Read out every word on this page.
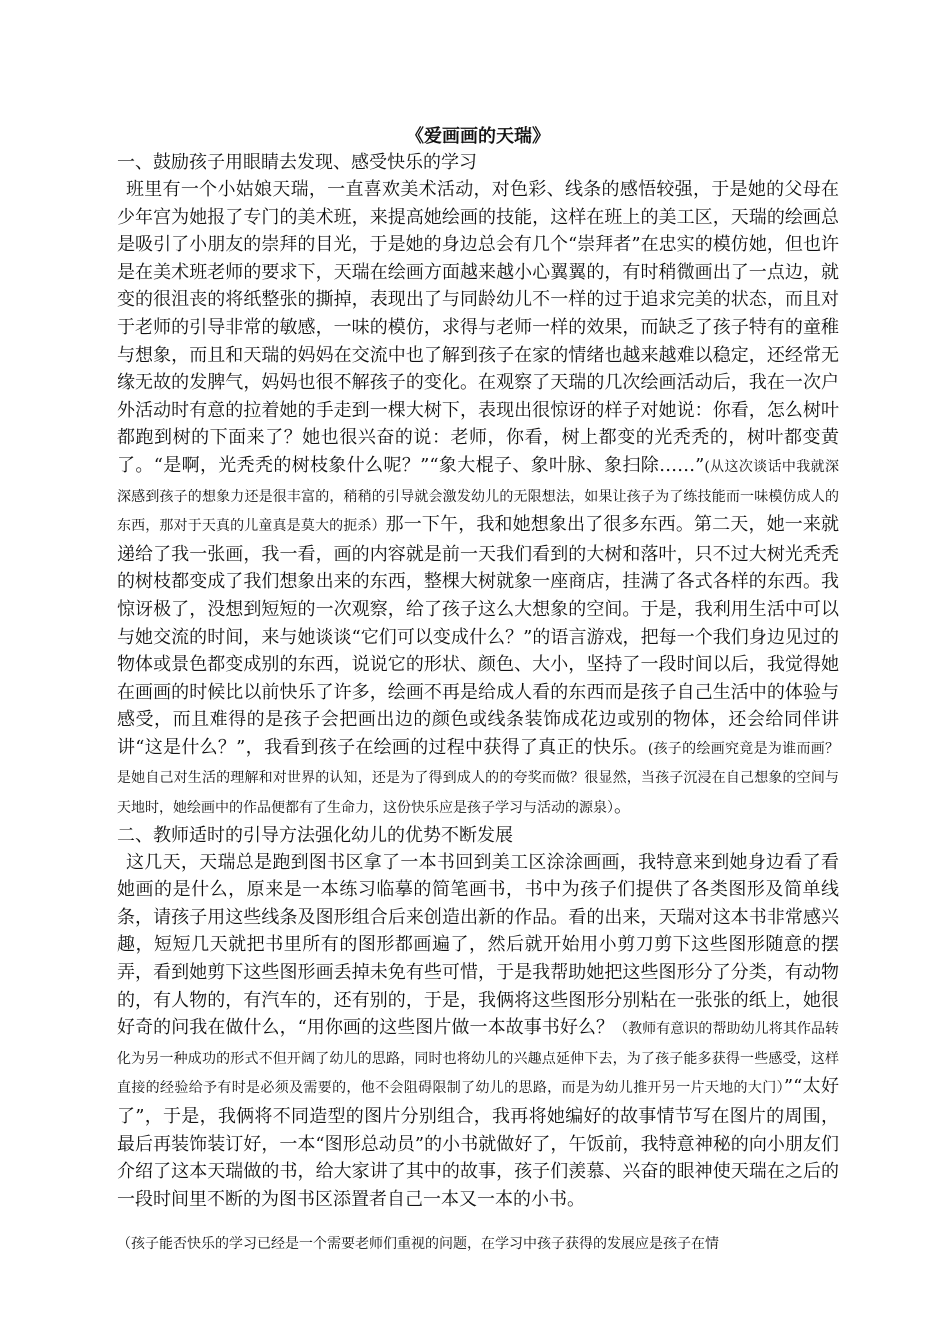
《爱画画的天瑞》

一、鼓励孩子用眼睛去发现、感受快乐的学习

班里有一个小姑娘天瑞，一直喜欢美术活动，对色彩、线条的感悟较强，于是她的父母在少年宫为她报了专门的美术班，来提高她绘画的技能，这样在班上的美工区，天瑞的绘画总是吸引了小朋友的崇拜的目光，于是她的身边总会有几个“崇拜者”在忠实的模仿她，但也许是在美术班老师的要求下，天瑞在绘画方面越来越小心翼翼的，有时稍微画出了一点边，就变的很沮丧的将纸整张的撕掉，表现出了与同龄幼儿不一样的过于追求完美的状态，而且对于老师的引导非常的敏感，一味的模仿，求得与老师一样的效果，而缺乏了孩子特有的童稚与想象，而且和天瑞的妈妈在交流中也了解到孩子在家的情绪也越来越难以稳定，还经常无缘无故的发脾气，妈妈也很不解孩子的变化。在观察了天瑞的几次绘画活动后，我在一次户外活动时有意的拉着她的手走到一棵大树下，表现出很惊讶的样子对她说：你看，怎么树叶都跑到树的下面来了？她也很兴奋的说：老师，你看，树上都变的光秃秃的，树叶都变黄了。“是啊，光秃秃的树枝象什么呢？”“象大棍子、象叶脉、象扫除……”(从这次谈话中我就深深感到孩子的想象力还是很丰富的，稍稍的引导就会激发幼儿的无限想法，如果让孩子为了练技能而一味模仿成人的东西，那对于天真的儿童真是莫大的扼杀）那一下午，我和她想象出了很多东西。第二天，她一来就递给了我一张画，我一看，画的内容就是前一天我们看到的大树和落叶，只不过大树光秃秃的树枝都变成了我们想象出来的东西，整棵大树就象一座商店，挂满了各式各样的东西。我惊讶极了，没想到短短的一次观察，给了孩子这么大想象的空间。于是，我利用生活中可以与她交流的时间，来与她谈谈“它们可以变成什么？”的语言游戏，把每一个我们身边见过的物体或景色都变成别的东西，说说它的形状、颜色、大小，坚持了一段时间以后，我觉得她在画画的时候比以前快乐了许多，绘画不再是给成人看的东西而是孩子自己生活中的体验与感受，而且难得的是孩子会把画出边的颜色或线条装饰成花边或别的物体，还会给同伴讲讲“这是什么？”，我看到孩子在绘画的过程中获得了真正的快乐。(孩子的绘画究竟是为谁而画？是她自己对生活的理解和对世界的认知，还是为了得到成人的的夸奖而做？很显然，当孩子沉浸在自己想象的空间与天地时，她绘画中的作品便都有了生命力，这份快乐应是孩子学习与活动的源泉）。

二、教师适时的引导方法强化幼儿的优势不断发展

这几天，天瑞总是跑到图书区拿了一本书回到美工区涂涂画画，我特意来到她身边看了看她画的是什么，原来是一本练习临摹的简笔画书，书中为孩子们提供了各类图形及简单线条，请孩子用这些线条及图形组合后来创造出新的作品。看的出来，天瑞对这本书非常感兴趣，短短几天就把书里所有的图形都画遍了，然后就开始用小剪刀剪下这些图形随意的摆弄，看到她剪下这些图形画丢掉未免有些可惜，于是我帮助她把这些图形分了分类，有动物的，有人物的，有汽车的，还有别的，于是，我俩将这些图形分别粘在一张张的纸上，她很好奇的问我在做什么，“用你画的这些图片做一本故事书好么？（教师有意识的帮助幼儿将其作品转化为另一种成功的形式不但开阔了幼儿的思路，同时也将幼儿的兴趣点延伸下去，为了孩子能多获得一些感受，这样直接的经验给予有时是必须及需要的，他不会阻碍限制了幼儿的思路，而是为幼儿推开另一片天地的大门）”“太好了”，于是，我俩将不同造型的图片分别组合，我再将她编好的故事情节写在图片的周围，最后再装饰装订好，一本“图形总动员”的小书就做好了，午饭前，我特意神秘的向小朋友们介绍了这本天瑞做的书，给大家讲了其中的故事，孩子们羡慕、兴奋的眼神使天瑞在之后的一段时间里不断的为图书区添置者自己一本又一本的小书。

（孩子能否快乐的学习已经是一个需要老师们重视的问题，在学习中孩子获得的发展应是孩子在情
